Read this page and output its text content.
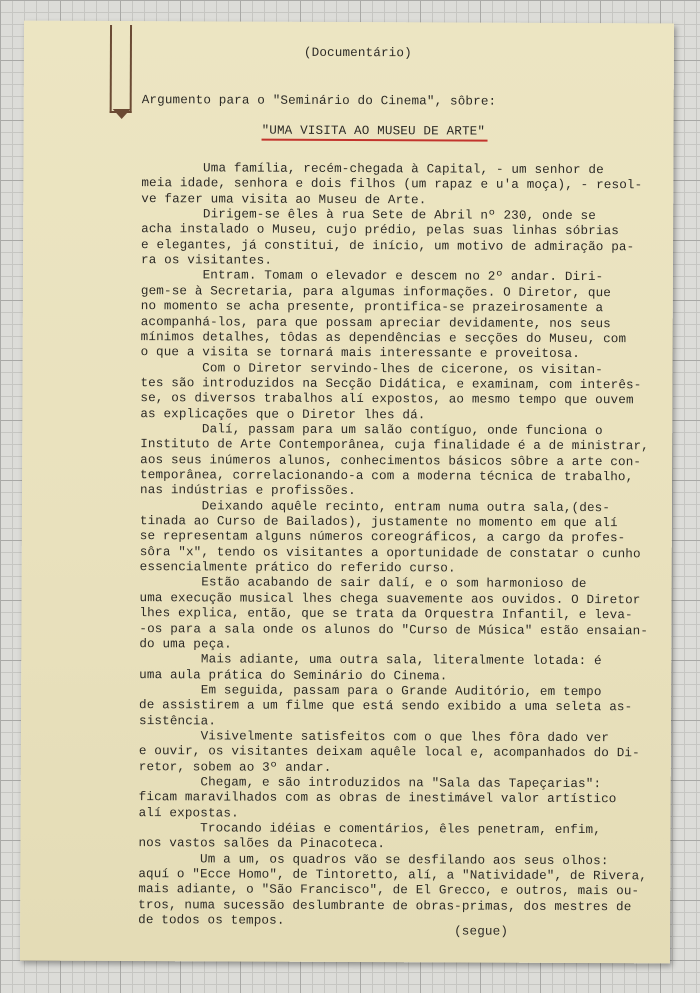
(Documentário)
Argumento para o "Seminário do Cinema", sôbre:
"UMA VISITA AO MUSEU DE ARTE"
Uma família, recém-chegada à Capital, - um senhor de
meia idade, senhora e dois filhos (um rapaz e u'a moça), - resol-
ve fazer uma visita ao Museu de Arte.
Dirigem-se êles à rua Sete de Abril nº 230, onde se
acha instalado o Museu, cujo prédio, pelas suas linhas sóbrias
e elegantes, já constitui, de início, um motivo de admiração pa-
ra os visitantes.
Entram. Tomam o elevador e descem no 2º andar. Diri-
gem-se à Secretaria, para algumas informações. O Diretor, que
no momento se acha presente, prontifica-se prazeirosamente a
acompanhá-los, para que possam apreciar devidamente, nos seus
mínimos detalhes, tôdas as dependências e secções do Museu, com
o que a visita se tornará mais interessante e proveitosa.
Com o Diretor servindo-lhes de cicerone, os visitan-
tes são introduzidos na Secção Didática, e examinam, com interês-
se, os diversos trabalhos alí expostos, ao mesmo tempo que ouvem
as explicações que o Diretor lhes dá.
Dalí, passam para um salão contíguo, onde funciona o
Instituto de Arte Contemporânea, cuja finalidade é a de ministrar,
aos seus inúmeros alunos, conhecimentos básicos sôbre a arte con-
temporânea, correlacionando-a com a moderna técnica de trabalho,
nas indústrias e profissões.
Deixando aquêle recinto, entram numa outra sala,(des-
tinada ao Curso de Bailados), justamente no momento em que alí
se representam alguns números coreográficos, a cargo da profes-
sôra "x", tendo os visitantes a oportunidade de constatar o cunho
essencialmente prático do referido curso.
Estão acabando de sair dalí, e o som harmonioso de
uma execução musical lhes chega suavemente aos ouvidos. O Diretor
lhes explica, então, que se trata da Orquestra Infantil, e leva-
-os para a sala onde os alunos do "Curso de Música" estão ensaian-
do uma peça.
Mais adiante, uma outra sala, literalmente lotada: é
uma aula prática do Seminário do Cinema.
Em seguida, passam para o Grande Auditório, em tempo
de assistirem a um filme que está sendo exibido a uma seleta as-
sistência.
Visivelmente satisfeitos com o que lhes fôra dado ver
e ouvir, os visitantes deixam aquêle local e, acompanhados do Di-
retor, sobem ao 3º andar.
Chegam, e são introduzidos na "Sala das Tapeçarias":
ficam maravilhados com as obras de inestimável valor artístico
alí expostas.
Trocando idéias e comentários, êles penetram, enfim,
nos vastos salões da Pinacoteca.
Um a um, os quadros vão se desfilando aos seus olhos:
aquí o "Ecce Homo", de Tintoretto, alí, a "Natividade", de Rivera,
mais adiante, o "São Francisco", de El Grecco, e outros, mais ou-
tros, numa sucessão deslumbrante de obras-primas, dos mestres de
de todos os tempos.
(segue)
